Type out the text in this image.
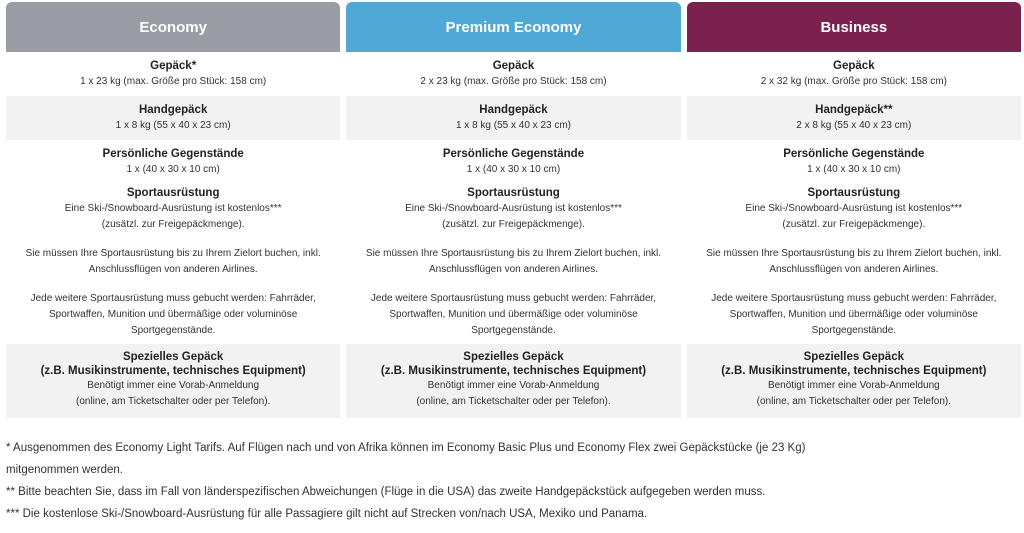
Economy
Gepäck*
1 x 23 kg (max. Größe pro Stück: 158 cm)
Handgepäck
1 x 8 kg (55 x 40 x 23 cm)
Persönliche Gegenstände
1 x (40 x 30 x 10 cm)
Sportausrüstung
Eine Ski-/Snowboard-Ausrüstung ist kostenlos***
(zusätzl. zur Freigepäckmenge).
Sie müssen Ihre Sportausrüstung bis zu Ihrem Zielort buchen, inkl.
Anschlussflügen von anderen Airlines.
Jede weitere Sportausrüstung muss gebucht werden: Fahrräder,
Sportwaffen, Munition und übermäßige oder voluminöse
Sportgegenstände.
Spezielles Gepäck
(z.B. Musikinstrumente, technisches Equipment)
Benötigt immer eine Vorab-Anmeldung
(online, am Ticketschalter oder per Telefon).
Premium Economy
Gepäck
2 x 23 kg (max. Größe pro Stück: 158 cm)
Handgepäck
1 x 8 kg (55 x 40 x 23 cm)
Persönliche Gegenstände
1 x (40 x 30 x 10 cm)
Sportausrüstung
Eine Ski-/Snowboard-Ausrüstung ist kostenlos***
(zusätzl. zur Freigepäckmenge).
Sie müssen Ihre Sportausrüstung bis zu Ihrem Zielort buchen, inkl.
Anschlussflügen von anderen Airlines.
Jede weitere Sportausrüstung muss gebucht werden: Fahrräder,
Sportwaffen, Munition und übermäßige oder voluminöse
Sportgegenstände.
Spezielles Gepäck
(z.B. Musikinstrumente, technisches Equipment)
Benötigt immer eine Vorab-Anmeldung
(online, am Ticketschalter oder per Telefon).
Business
Gepäck
2 x 32 kg (max. Größe pro Stück: 158 cm)
Handgepäck**
2 x 8 kg (55 x 40 x 23 cm)
Persönliche Gegenstände
1 x (40 x 30 x 10 cm)
Sportausrüstung
Eine Ski-/Snowboard-Ausrüstung ist kostenlos***
(zusätzl. zur Freigepäckmenge).
Sie müssen Ihre Sportausrüstung bis zu Ihrem Zielort buchen, inkl.
Anschlussflügen von anderen Airlines.
Jede weitere Sportausrüstung muss gebucht werden: Fahrräder,
Sportwaffen, Munition und übermäßige oder voluminöse
Sportgegenstände.
Spezielles Gepäck
(z.B. Musikinstrumente, technisches Equipment)
Benötigt immer eine Vorab-Anmeldung
(online, am Ticketschalter oder per Telefon).

* Ausgenommen des Economy Light Tarifs. Auf Flügen nach und von Afrika können im Economy Basic Plus und Economy Flex zwei Gepäckstücke (je 23 Kg)

mitgenommen werden.

** Bitte beachten Sie, dass im Fall von länderspezifischen Abweichungen (Flüge in die USA) das zweite Handgepäckstück aufgegeben werden muss.

*** Die kostenlose Ski-/Snowboard-Ausrüstung für alle Passagiere gilt nicht auf Strecken von/nach USA, Mexiko und Panama.
